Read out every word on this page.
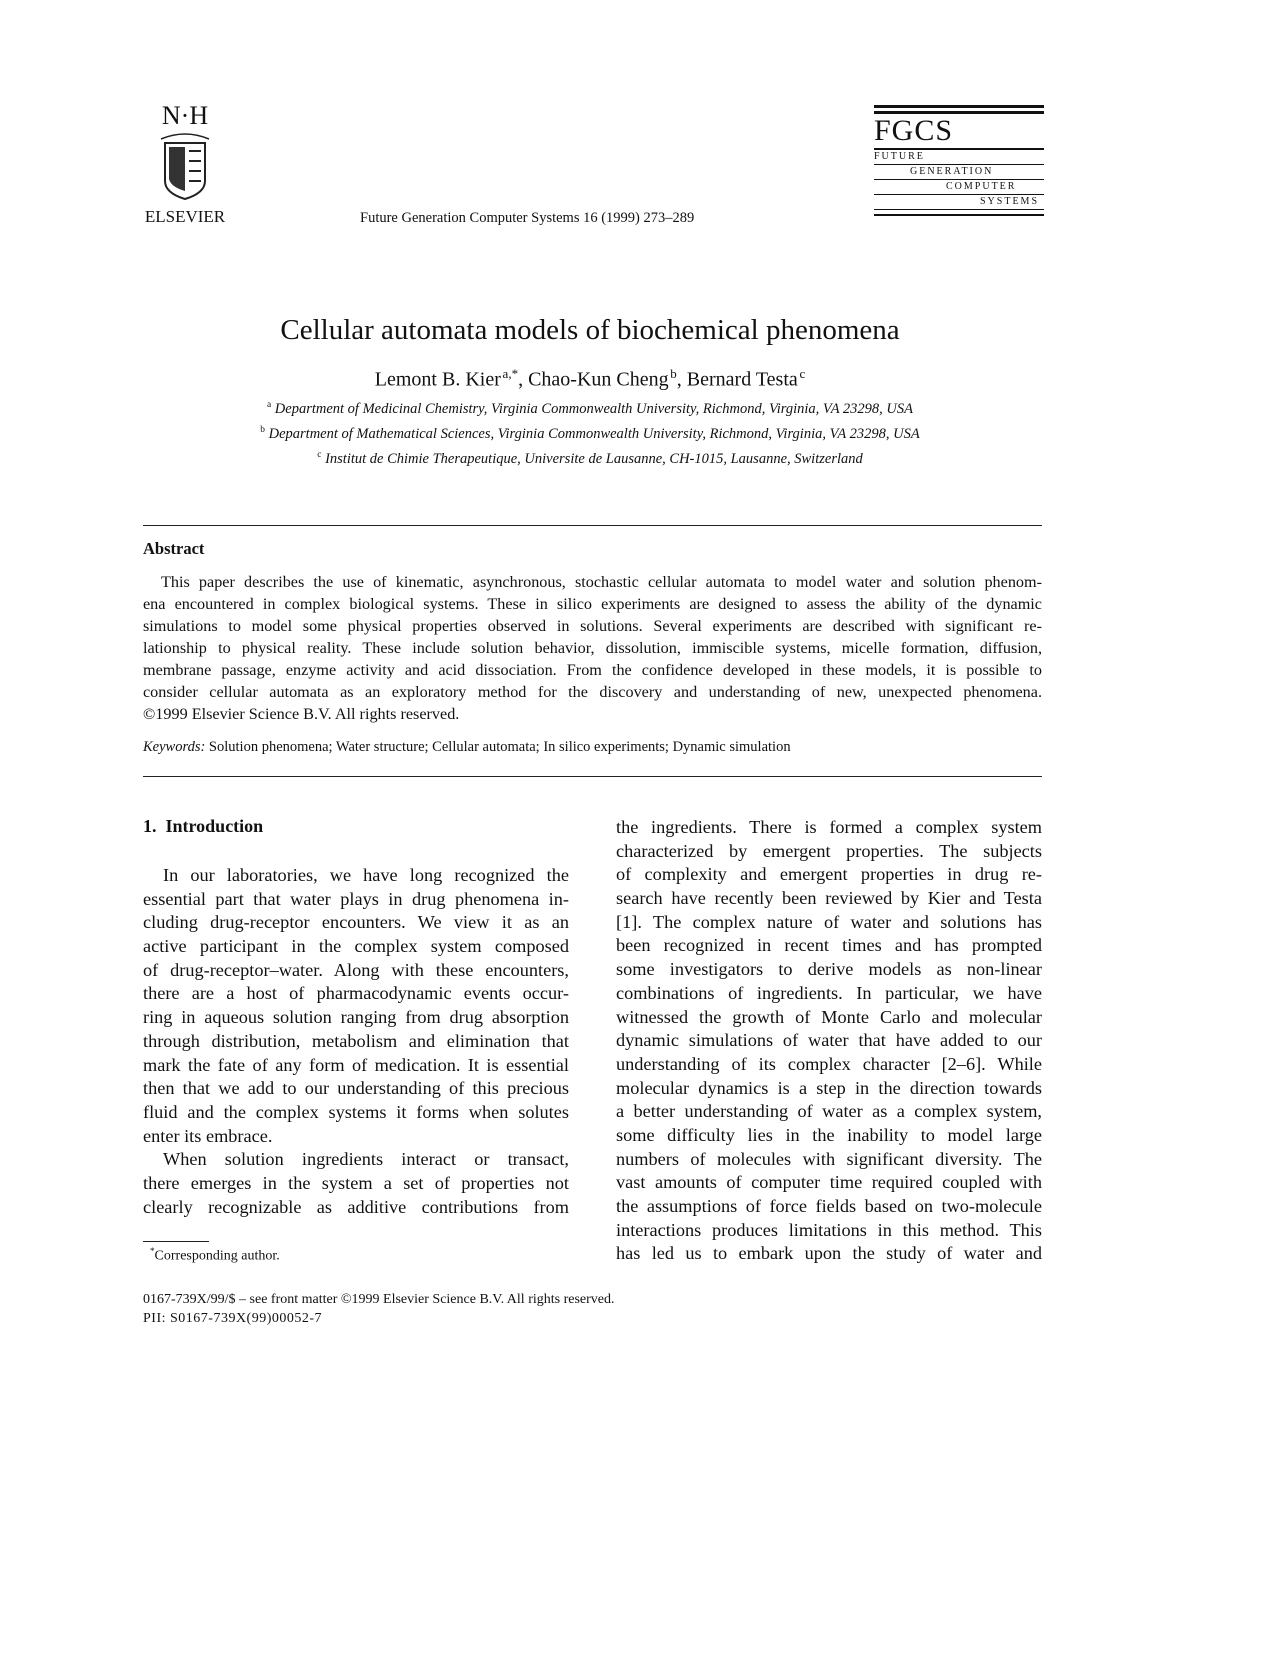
N·H
ELSEVIER	Future Generation Computer Systems 16 (1999) 273–289
FGCS
FUTURE
GENERATION
COMPUTER
SYSTEMS
Cellular automata models of biochemical phenomena
Lemont B. Kier  $^{a,*}$, Chao-Kun Cheng  $^b$, Bernard Testa  $^c$
$^a$ Department of Medicinal Chemistry, Virginia Commonwealth University, Richmond, Virginia, VA 23298, USA
$^b$ Department of Mathematical Sciences, Virginia Commonwealth University, Richmond, Virginia, VA 23298, USA
$^c$ Institut de Chimie Therapeutique, Universite de Lausanne, CH-1015, Lausanne, Switzerland
Abstract
This paper describes the use of kinematic, asynchronous, stochastic cellular automata to model water and solution phenom-
ena encountered in complex biological systems. These in silico experiments are designed to assess the ability of the dynamic
simulations to model some physical properties observed in solutions. Several experiments are described with significant re-
lationship to physical reality. These include solution behavior, dissolution, immiscible systems, micelle formation, diffusion,
membrane passage, enzyme activity and acid dissociation. From the confidence developed in these models, it is possible to
consider cellular automata as an exploratory method for the discovery and understanding of new, unexpected phenomena.
©1999 Elsevier Science B.V. All rights reserved.
Keywords: Solution phenomena; Water structure; Cellular automata; In silico experiments; Dynamic simulation
1.  Introduction
In our laboratories, we have long recognized the
essential part that water plays in drug phenomena in-
cluding drug-receptor encounters. We view it as an
active participant in the complex system composed
of drug-receptor–water. Along with these encounters,
there are a host of pharmacodynamic events occur-
ring in aqueous solution ranging from drug absorption
through distribution, metabolism and elimination that
mark the fate of any form of medication. It is essential
then that we add to our understanding of this precious
fluid and the complex systems it forms when solutes
enter its embrace.
When solution ingredients interact or transact,
there emerges in the system a set of properties not
clearly recognizable as additive contributions from
the ingredients. There is formed a complex system
characterized by emergent properties. The subjects
of complexity and emergent properties in drug re-
search have recently been reviewed by Kier and Testa
[1]. The complex nature of water and solutions has
been recognized in recent times and has prompted
some investigators to derive models as non-linear
combinations of ingredients. In particular, we have
witnessed the growth of Monte Carlo and molecular
dynamic simulations of water that have added to our
understanding of its complex character [2–6]. While
molecular dynamics is a step in the direction towards
a better understanding of water as a complex system,
some difficulty lies in the inability to model large
numbers of molecules with significant diversity. The
vast amounts of computer time required coupled with
the assumptions of force fields based on two-molecule
interactions produces limitations in this method. This
has led us to embark upon the study of water and
*Corresponding author.
0167-739X/99/$ – see front matter ©1999 Elsevier Science B.V. All rights reserved.
PII: S0167-739X(99)00052-7
